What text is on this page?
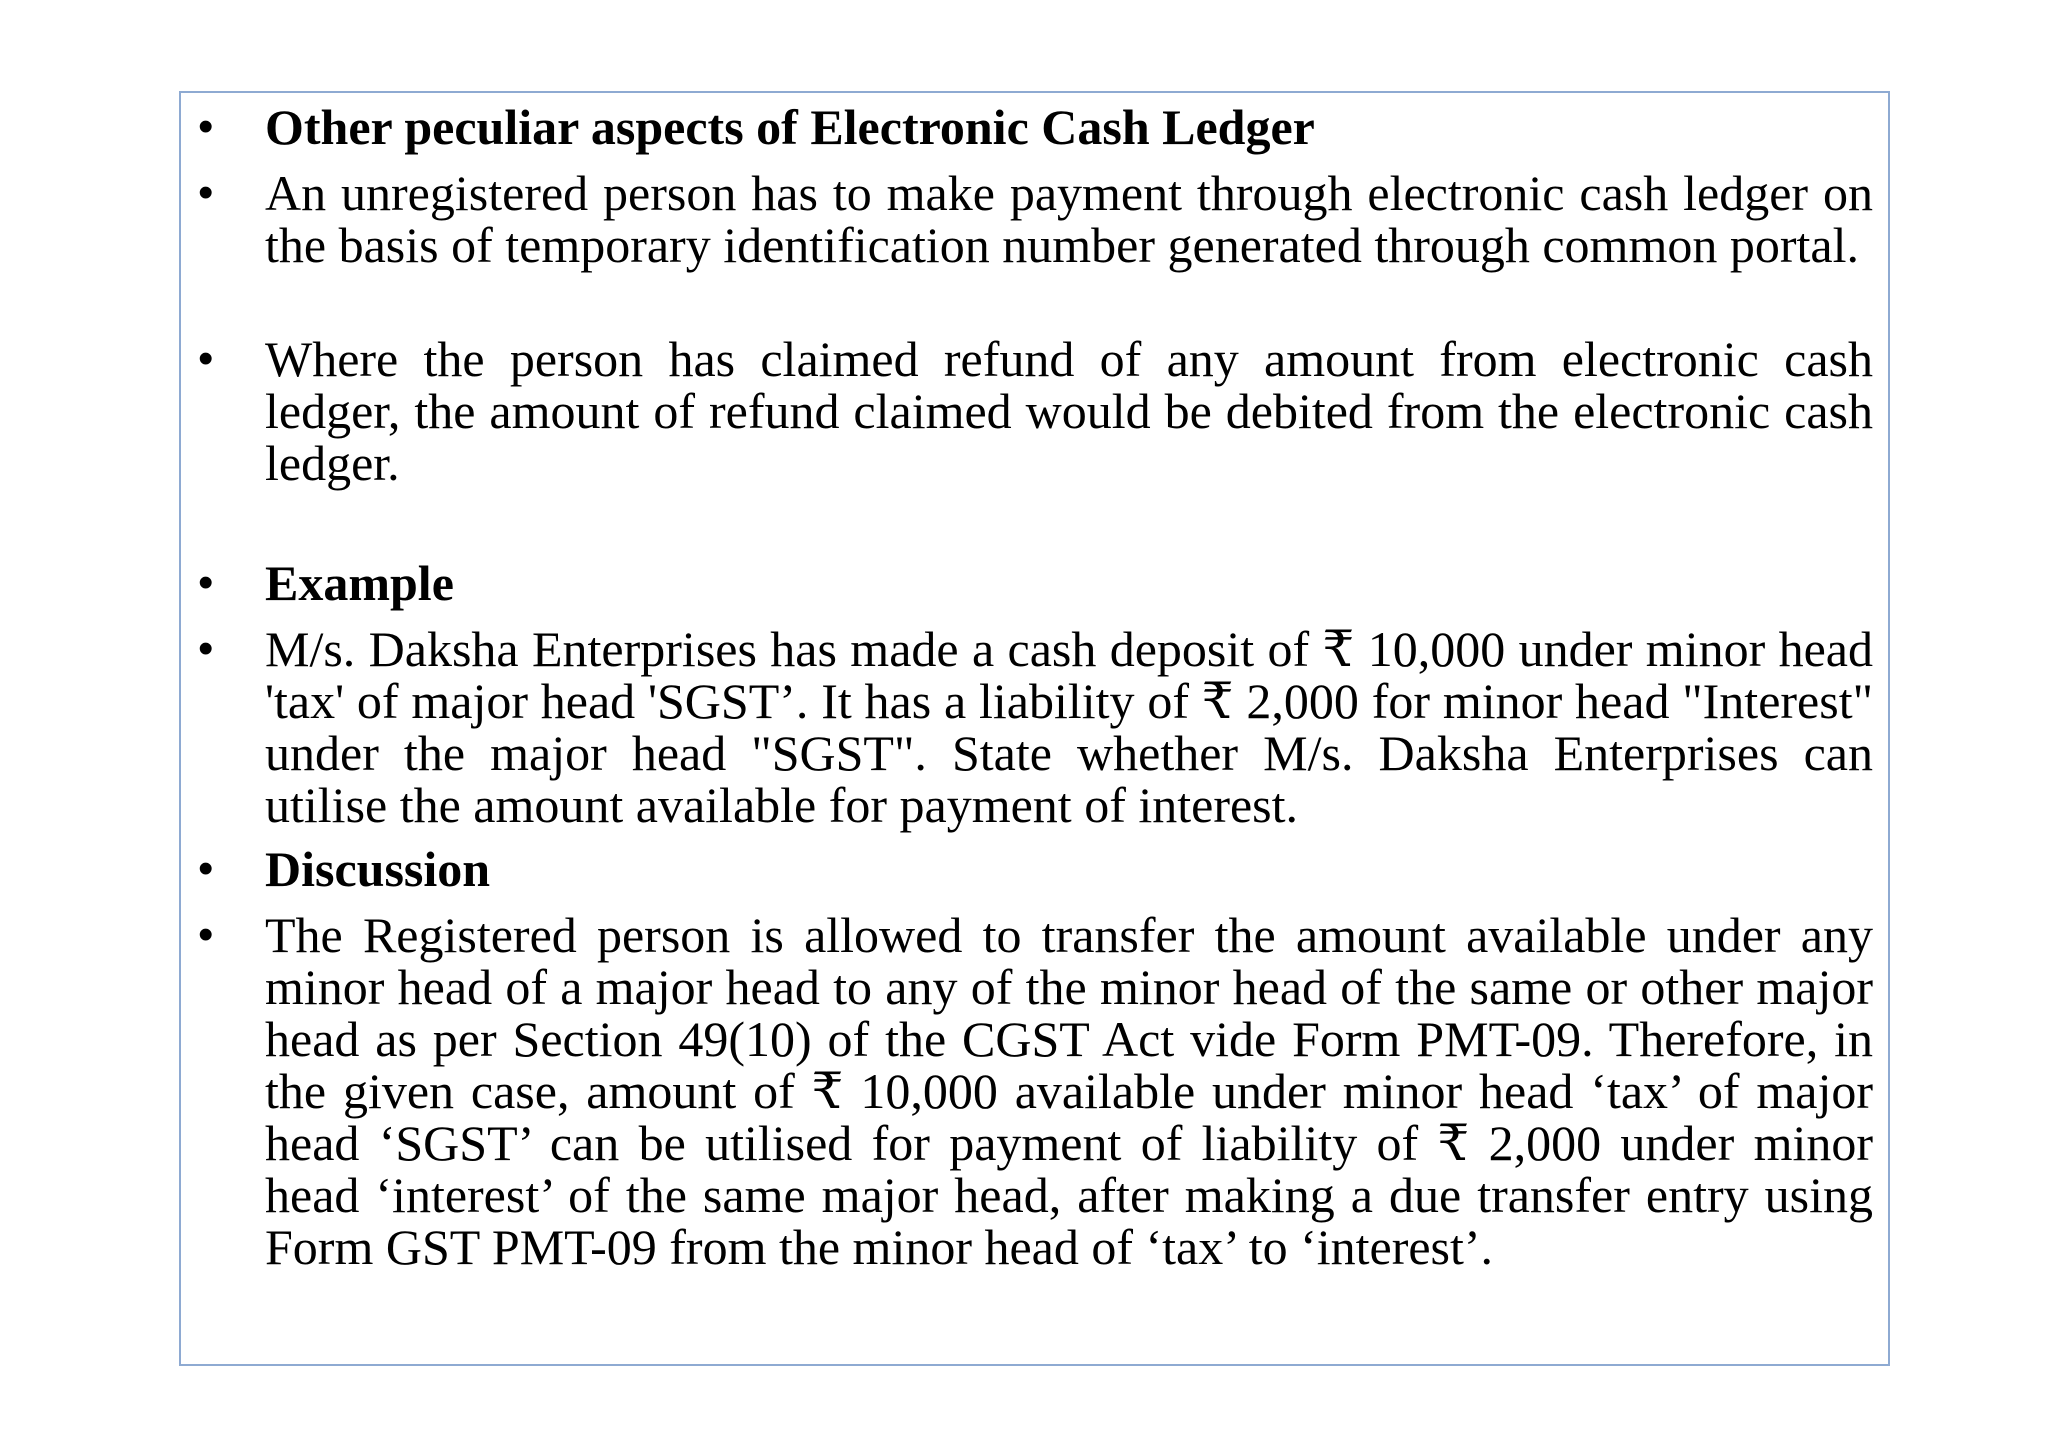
• Other peculiar aspects of Electronic Cash Ledger
• An unregistered person has to make payment through electronic cash ledger on the basis of temporary identification number generated through common portal.
• Where the person has claimed refund of any amount from electronic cash ledger, the amount of refund claimed would be debited from the electronic cash ledger.
• Example
• M/s. Daksha Enterprises has made a cash deposit of ₹ 10,000 under minor head 'tax' of major head 'SGST’. It has a liability of ₹ 2,000 for minor head "Interest" under the major head "SGST". State whether M/s. Daksha Enterprises can utilise the amount available for payment of interest.
• Discussion
• The Registered person is allowed to transfer the amount available under any minor head of a major head to any of the minor head of the same or other major head as per Section 49(10) of the CGST Act vide Form PMT-09. Therefore, in the given case, amount of ₹ 10,000 available under minor head ‘tax’ of major head ‘SGST’ can be utilised for payment of liability of ₹ 2,000 under minor head ‘interest’ of the same major head, after making a due transfer entry using Form GST PMT-09 from the minor head of ‘tax’ to ‘interest’.
